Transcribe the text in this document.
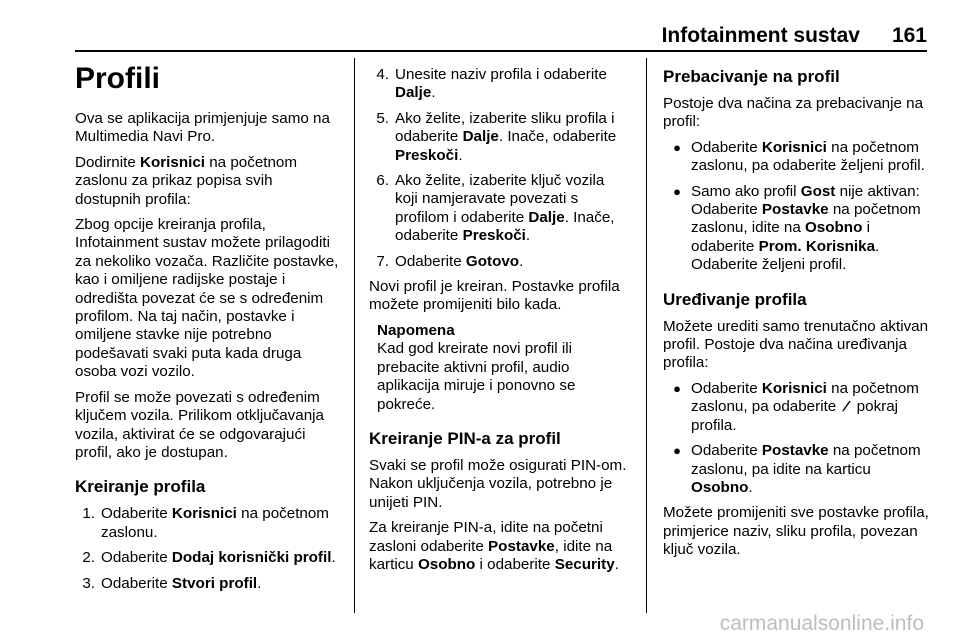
Infotainment sustav 161
Profili

Ova se aplikacija primjenjuje samo na Multimedia Navi Pro.

Dodirnite Korisnici na početnom zaslonu za prikaz popisa svih dostupnih profila:

Zbog opcije kreiranja profila, Infotainment sustav možete prilagoditi za nekoliko vozača. Različite postavke, kao i omiljene radijske postaje i odredišta povezat će se s određenim profilom. Na taj način, postavke i omiljene stavke nije potrebno podešavati svaki puta kada druga osoba vozi vozilo.

Profil se može povezati s određenim ključem vozila. Prilikom otključavanja vozila, aktivirat će se odgovarajući profil, ako je dostupan.

Kreiranje profila
1. Odaberite Korisnici na početnom zaslonu.
2. Odaberite Dodaj korisnički profil.
3. Odaberite Stvori profil.
4. Unesite naziv profila i odaberite Dalje.
5. Ako želite, izaberite sliku profila i odaberite Dalje. Inače, odaberite Preskoči.
6. Ako želite, izaberite ključ vozila koji namjeravate povezati s profilom i odaberite Dalje. Inače, odaberite Preskoči.
7. Odaberite Gotovo.

Novi profil je kreiran. Postavke profila možete promijeniti bilo kada.

Napomena
Kad god kreirate novi profil ili prebacite aktivni profil, audio aplikacija miruje i ponovno se pokreće.
Kreiranje PIN-a za profil

Svaki se profil može osigurati PIN-om. Nakon uključenja vozila, potrebno je unijeti PIN.

Za kreiranje PIN-a, idite na početni zasloni odaberite Postavke, idite na karticu Osobno i odaberite Security.

Prebacivanje na profil

Postoje dva načina za prebacivanje na profil:

● Odaberite Korisnici na početnom zaslonu, pa odaberite željeni profil.
● Samo ako profil Gost nije aktivan: Odaberite Postavke na početnom zaslonu, idite na Osobno i odaberite Prom. Korisnika. Odaberite željeni profil.
Uređivanje profila

Možete urediti samo trenutačno aktivan profil. Postoje dva načina uređivanja profila:

● Odaberite Korisnici na početnom zaslonu, pa odaberite  pokraj profila.
● Odaberite Postavke na početnom zaslonu, pa idite na karticu Osobno.

Možete promijeniti sve postavke profila, primjerice naziv, sliku profila, povezan ključ vozila.

carmanualsonline.info
